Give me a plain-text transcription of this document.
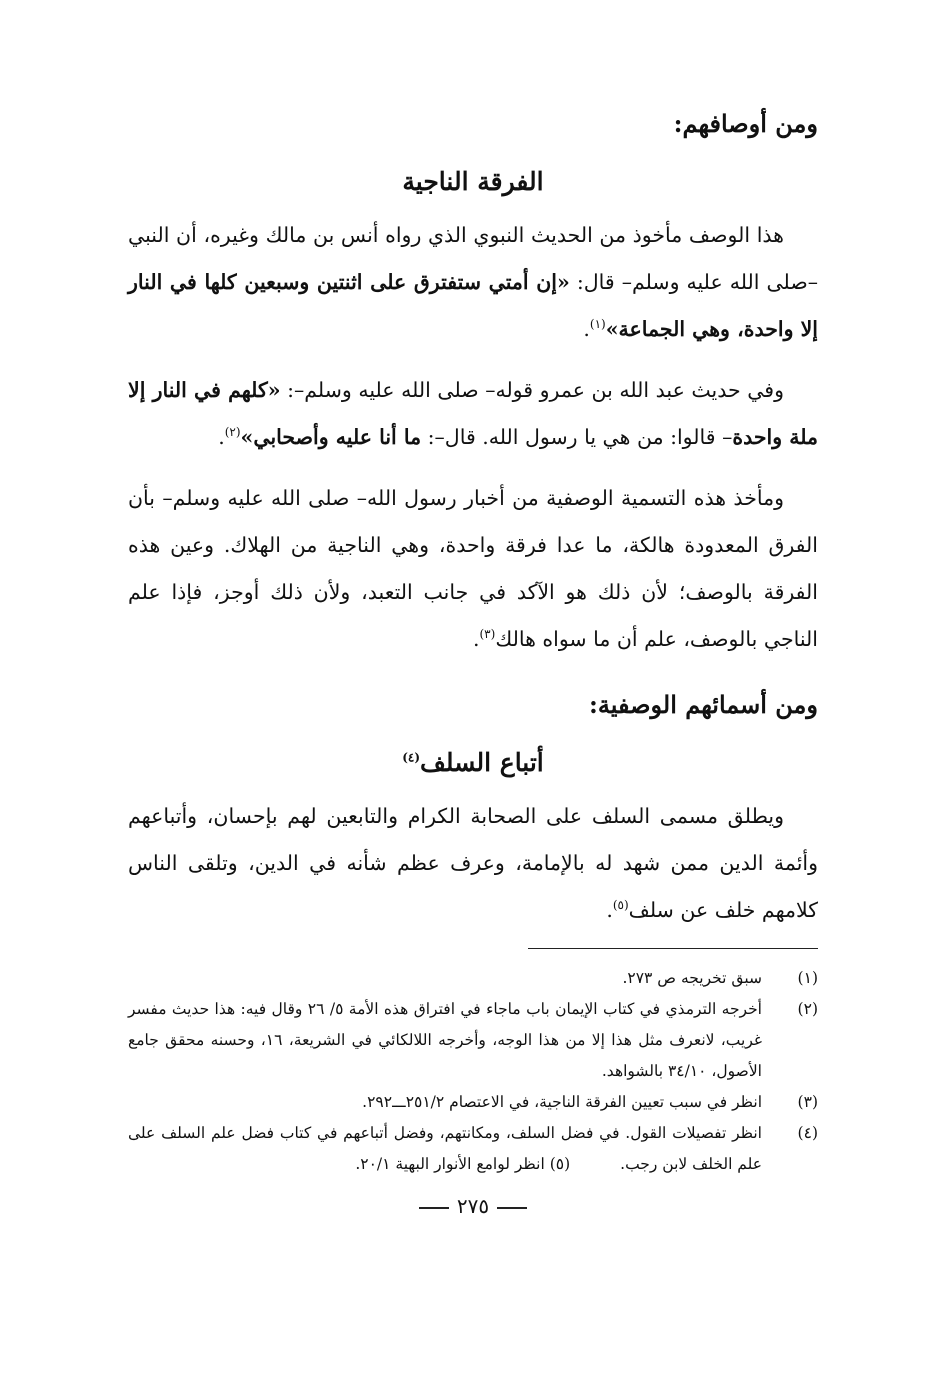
ومن أوصافهم:

الفرقة الناجية

هذا الوصف مأخوذ من الحديث النبوي الذي رواه أنس بن مالك وغيره، أن النبي –صلى الله عليه وسلم– قال: «إن أمتي ستفترق على اثنتين وسبعين كلها في النار إلا واحدة، وهي الجماعة»$^{(١)}$.

وفي حديث عبد الله بن عمرو قوله– صلى الله عليه وسلم–: «كلهم في النار إلا ملة واحدة– قالوا: من هي يا رسول الله. قال–: ما أنا عليه وأصحابي»$^{(٢)}$.

ومأخذ هذه التسمية الوصفية من أخبار رسول الله– صلى الله عليه وسلم– بأن الفرق المعدودة هالكة، ما عدا فرقة واحدة، وهي الناجية من الهلاك. وعين هذه الفرقة بالوصف؛ لأن ذلك هو الآكد في جانب التعبد، ولأن ذلك أوجز، فإذا علم الناجي بالوصف، علم أن ما سواه هالك$^{(٣)}$.

ومن أسمائهم الوصفية:

أتباع السلف$^{(٤)}$

ويطلق مسمى السلف على الصحابة الكرام والتابعين لهم بإحسان، وأتباعهم وأئمة الدين ممن شهد له بالإمامة، وعرف عظم شأنه في الدين، وتلقى الناس كلامهم خلف عن سلف$^{(٥)}$.

(١)
سبق تخريجه ص ٢٧٣.
(٢)
أخرجه الترمذي في كتاب الإيمان باب ماجاء في افتراق هذه الأمة ٥/ ٢٦ وقال فيه: هذا حديث مفسر غريب، لانعرف مثل هذا إلا من هذا الوجه، وأخرجه اللالكائي في الشريعة، ١٦، وحسنه محقق جامع الأصول، ٣٤/١٠ بالشواهد.
(٣)
انظر في سبب تعيين الفرقة الناجية، في الاعتصام ٢٥١/٢ـــ٢٩٢.
(٤)
انظر تفصيلات القول. في فضل السلف، ومكانتهم، وفضل أتباعهم في كتاب فضل علم السلف على علم الخلف لابن رجب.(٥) انظر لوامع الأنوار البهية ٢٠/١.
٢٧٥
